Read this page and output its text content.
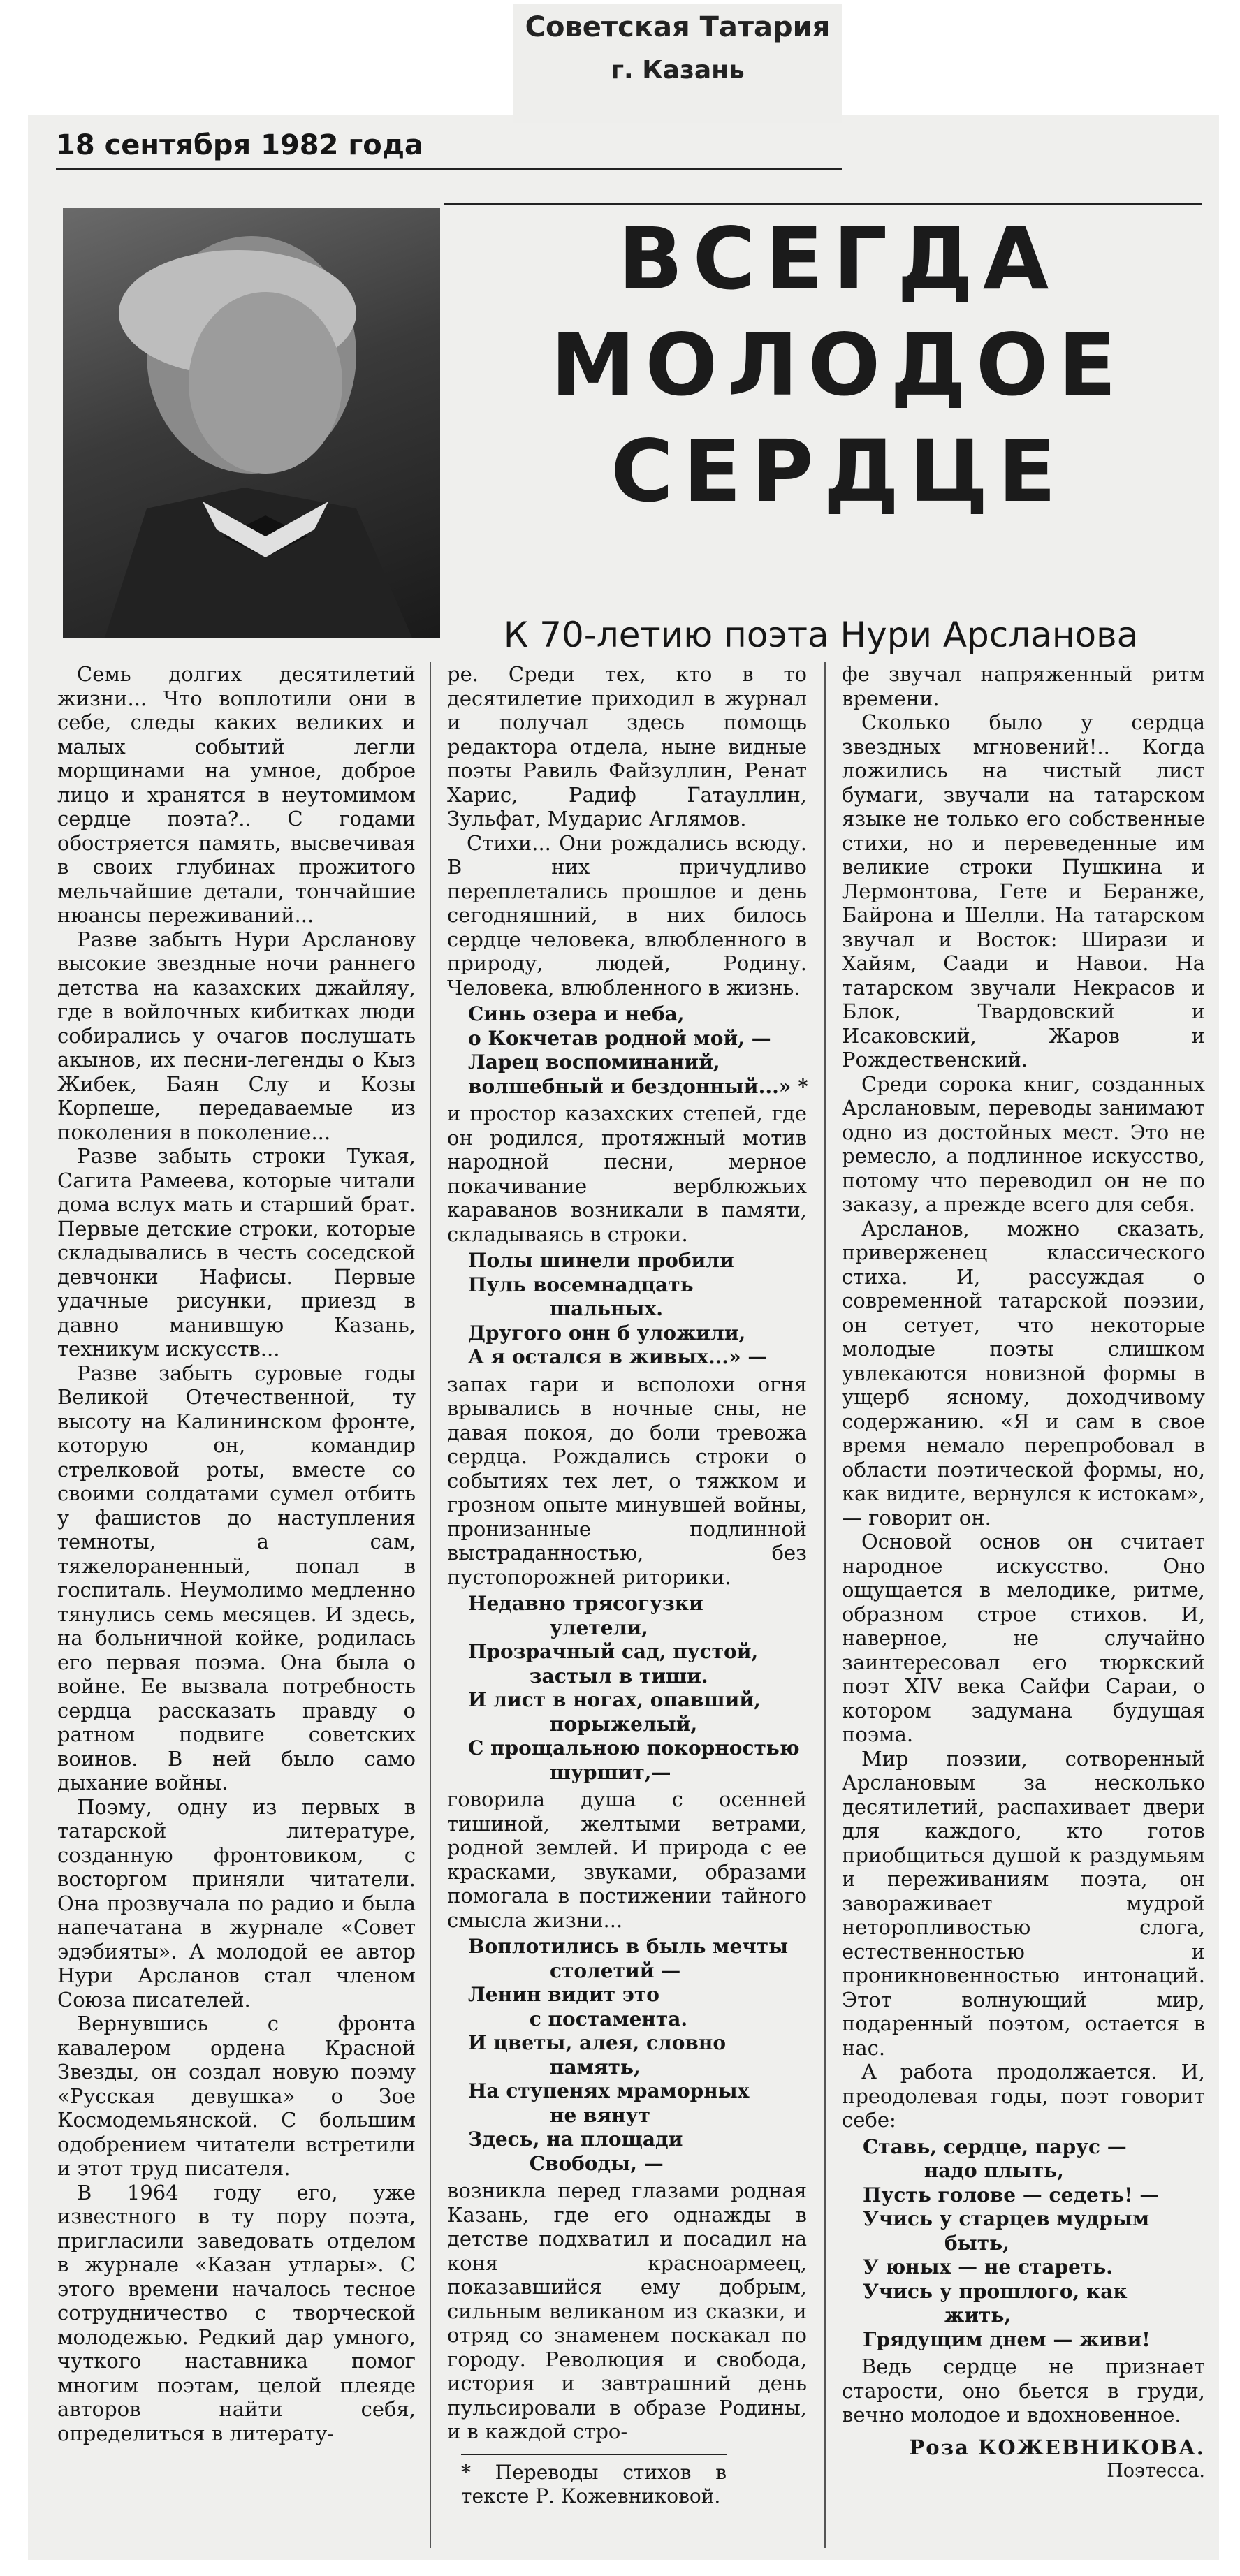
Советская Татария
г. Казань
18 сентября 1982 года
ВСЕГДА
МОЛОДОЕ
СЕРДЦЕ
К 70-летию поэта Нури Арсланова

Семь долгих десятилетий жизни... Что воплотили они в себе, следы каких великих и малых событий легли морщинами на умное, доброе лицо и хранятся в неутомимом сердце поэта?.. С годами обостряется память, высвечивая в своих глубинах прожитого мельчайшие детали, тончайшие нюансы переживаний...

Разве забыть Нури Арсланову высокие звездные ночи раннего детства на казахских джайляу, где в войлочных кибитках люди собирались у очагов послушать акынов, их песни-легенды о Кыз Жибек, Баян Слу и Козы Корпеше, передаваемые из поколения в поколение...

Разве забыть строки Тукая, Сагита Рамеева, которые читали дома вслух мать и старший брат. Первые детские строки, которые складывались в честь соседской девчонки Нафисы. Первые удачные рисунки, приезд в давно манившую Казань, техникум искусств...

Разве забыть суровые годы Великой Отечественной, ту высоту на Калининском фронте, которую он, командир стрелковой роты, вместе со своими солдатами сумел отбить у фашистов до наступления темноты, а сам, тяжелораненный, попал в госпиталь. Неумолимо медленно тянулись семь месяцев. И здесь, на больничной койке, родилась его первая поэма. Она была о войне. Ее вызвала потребность сердца рассказать правду о ратном подвиге советских воинов. В ней было само дыхание войны.

Поэму, одну из первых в татарской литературе, созданную фронтовиком, с восторгом приняли читатели. Она прозвучала по радио и была напечатана в журнале «Совет эдэбияты». А молодой ее автор Нури Арсланов стал членом Союза писателей.

Вернувшись с фронта кавалером ордена Красной Звезды, он создал новую поэму «Русская девушка» о Зое Космодемьянской. С большим одобрением читатели встретили и этот труд писателя.

В 1964 году его, уже известного в ту пору поэта, пригласили заведовать отделом в журнале «Казан утлары». С этого времени началось тесное сотрудничество с творческой молодежью. Редкий дар умного, чуткого наставника помог многим поэтам, целой плеяде авторов найти себя, определиться в литерату-

ре. Среди тех, кто в то десятилетие приходил в журнал и получал здесь помощь редактора отдела, ныне видные поэты Равиль Файзуллин, Ренат Харис, Радиф Гатауллин, Зульфат, Мударис Аглямов.

Стихи... Они рождались всюду. В них причудливо переплетались прошлое и день сегодняшний, в них билось сердце человека, влюбленного в природу, людей, Родину. Человека, влюбленного в жизнь.

Синь озера и неба,
о Кокчетав родной мой, —
Ларец воспоминаний,
волшебный и бездонный...» *

и простор казахских степей, где он родился, протяжный мотив народной песни, мерное покачивание верблюжьих караванов возникали в памяти, складываясь в строки.

Полы шинели пробили
Пуль восемнадцать
шальных.
Другого онн б уложили,
А я остался в живых...» —

запах гари и всполохи огня врывались в ночные сны, не давая покоя, до боли тревожа сердца. Рождались строки о событиях тех лет, о тяжком и грозном опыте минувшей войны, пронизанные подлинной выстраданностью, без пустопорожней риторики.

Недавно трясогузки
улетели,
Прозрачный сад, пустой,
застыл в тиши.
И лист в ногах, опавший,
порыжелый,
С прощальною покорностью
шуршит,—

говорила душа с осенней тишиной, желтыми ветрами, родной землей. И природа с ее красками, звуками, образами помогала в постижении тайного смысла жизни...

Воплотились в быль мечты
столетий —
Ленин видит это
с постамента.
И цветы, алея, словно
память,
На ступенях мраморных
не вянут
Здесь, на площади
Свободы, —

возникла перед глазами родная Казань, где его однажды в детстве подхватил и посадил на коня красноармеец, показавшийся ему добрым, сильным великаном из сказки, и отряд со знаменем поскакал по городу. Революция и свобода, история и завтрашний день пульсировали в образе Родины, и в каждой стро-

* Переводы стихов в тексте Р. Кожевниковой.

фе звучал напряженный ритм времени.

Сколько было у сердца звездных мгновений!.. Когда ложились на чистый лист бумаги, звучали на татарском языке не только его собственные стихи, но и переведенные им великие строки Пушкина и Лермонтова, Гете и Беранже, Байрона и Шелли. На татарском звучал и Восток: Ширази и Хайям, Саади и Навои. На татарском звучали Некрасов и Блок, Твардовский и Исаковский, Жаров и Рождественский.

Среди сорока книг, созданных Арслановым, переводы занимают одно из достойных мест. Это не ремесло, а подлинное искусство, потому что переводил он не по заказу, а прежде всего для себя.

Арсланов, можно сказать, приверженец классического стиха. И, рассуждая о современной татарской поэзии, он сетует, что некоторые молодые поэты слишком увлекаются новизной формы в ущерб ясному, доходчивому содержанию. «Я и сам в свое время немало перепробовал в области поэтической формы, но, как видите, вернулся к истокам», — говорит он.

Основой основ он считает народное искусство. Оно ощущается в мелодике, ритме, образном строе стихов. И, наверное, не случайно заинтересовал его тюркский поэт XIV века Сайфи Сараи, о котором задумана будущая поэма.

Мир поэзии, сотворенный Арслановым за несколько десятилетий, распахивает двери для каждого, кто готов приобщиться душой к раздумьям и переживаниям поэта, он завораживает мудрой неторопливостью слога, естественностью и проникновенностью интонаций. Этот волнующий мир, подаренный поэтом, остается в нас.

А работа продолжается. И, преодолевая годы, поэт говорит себе:

Ставь, сердце, парус —
надо плыть,
Пусть голове — седеть! —
Учись у старцев мудрым
быть,
У юных — не стареть.
Учись у прошлого, как
жить,
Грядущим днем — живи!

Ведь сердце не признает старости, оно бьется в груди, вечно молодое и вдохновенное.

Роза КОЖЕВНИКОВА.
Поэтесса.
